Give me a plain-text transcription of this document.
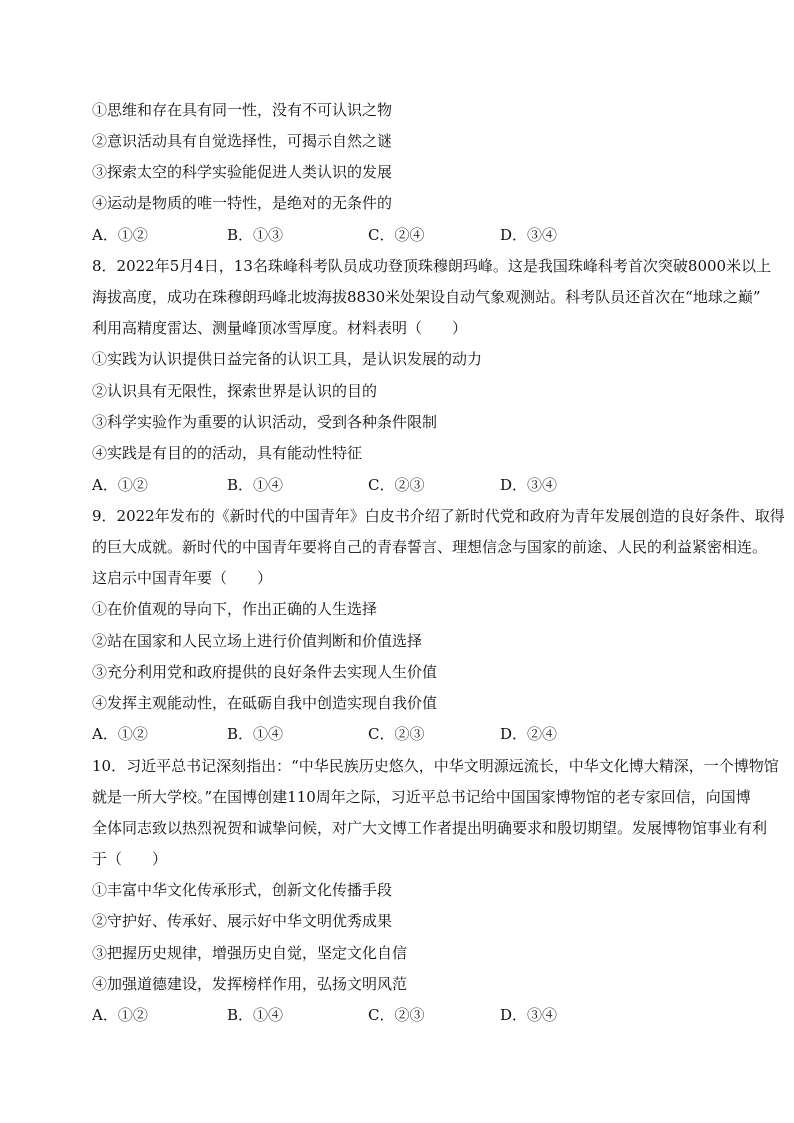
①思维和存在具有同一性，没有不可认识之物
②意识活动具有自觉选择性，可揭示自然之谜
③探索太空的科学实验能促进人类认识的发展
④运动是物质的唯一特性，是绝对的无条件的
A．①②	B．①③	C．②④	D．③④
8．2022年5月4日，13名珠峰科考队员成功登顶珠穆朗玛峰。这是我国珠峰科考首次突破8000米以上
海拔高度，成功在珠穆朗玛峰北坡海拔8830米处架设自动气象观测站。科考队员还首次在“地球之巅”
利用高精度雷达、测量峰顶冰雪厚度。材料表明（　　）
①实践为认识提供日益完备的认识工具，是认识发展的动力
②认识具有无限性，探索世界是认识的目的
③科学实验作为重要的认识活动，受到各种条件限制
④实践是有目的的活动，具有能动性特征
A．①②	B．①④	C．②③	D．③④
9．2022年发布的《新时代的中国青年》白皮书介绍了新时代党和政府为青年发展创造的良好条件、取得
的巨大成就。新时代的中国青年要将自己的青春誓言、理想信念与国家的前途、人民的利益紧密相连。
这启示中国青年要（　　）
①在价值观的导向下，作出正确的人生选择
②站在国家和人民立场上进行价值判断和价值选择
③充分利用党和政府提供的良好条件去实现人生价值
④发挥主观能动性，在砥砺自我中创造实现自我价值
A．①②	B．①④	C．②③	D．②④
10．习近平总书记深刻指出：“中华民族历史悠久，中华文明源远流长，中华文化博大精深，一个博物馆
就是一所大学校。”在国博创建110周年之际，习近平总书记给中国国家博物馆的老专家回信，向国博
全体同志致以热烈祝贺和诚挚问候，对广大文博工作者提出明确要求和殷切期望。发展博物馆事业有利
于（　　）
①丰富中华文化传承形式，创新文化传播手段
②守护好、传承好、展示好中华文明优秀成果
③把握历史规律，增强历史自觉，坚定文化自信
④加强道德建设，发挥榜样作用，弘扬文明风范
A．①②	B．①④	C．②③	D．③④
